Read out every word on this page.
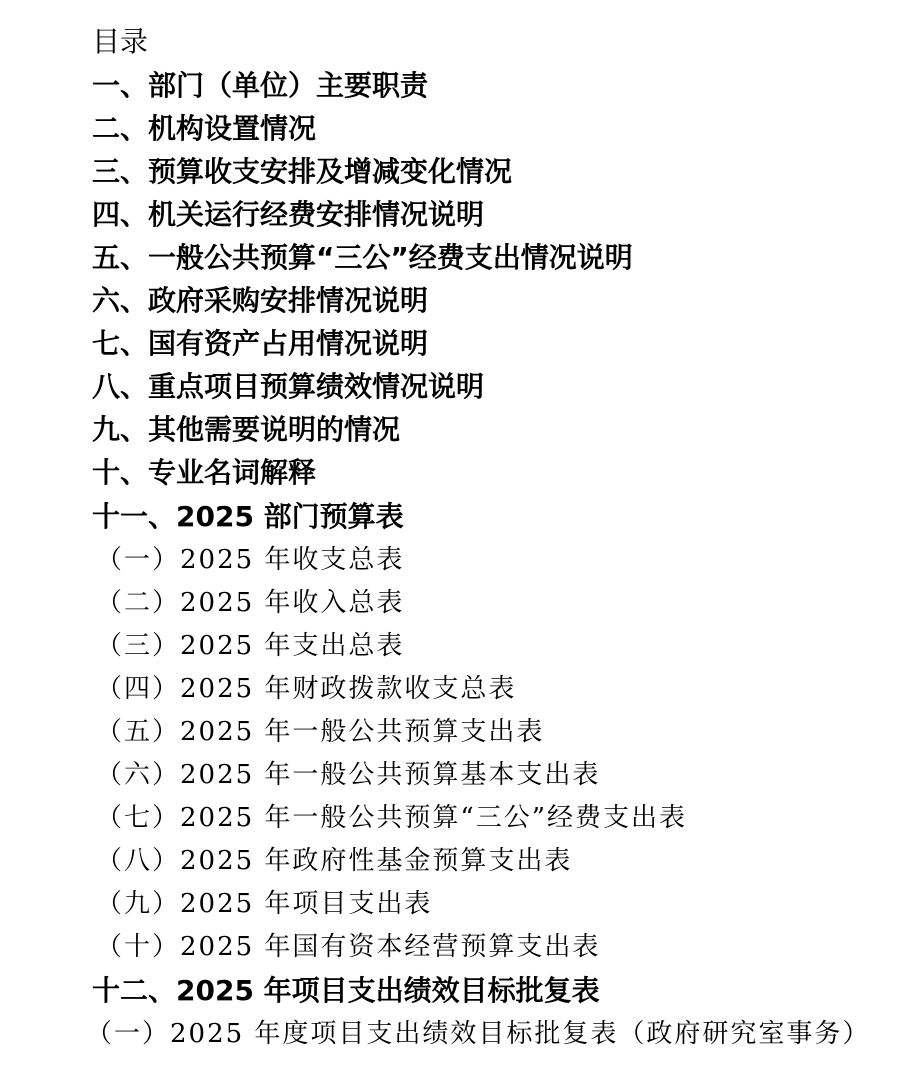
目录
一、部门（单位）主要职责
二、机构设置情况
三、预算收支安排及增减变化情况
四、机关运行经费安排情况说明
五、一般公共预算“三公”经费支出情况说明
六、政府采购安排情况说明
七、国有资产占用情况说明
八、重点项目预算绩效情况说明
九、其他需要说明的情况
十、专业名词解释
十一、2025 部门预算表
（一）2025 年收支总表
（二）2025 年收入总表
（三）2025 年支出总表
（四）2025 年财政拨款收支总表
（五）2025 年一般公共预算支出表
（六）2025 年一般公共预算基本支出表
（七）2025 年一般公共预算“三公”经费支出表
（八）2025 年政府性基金预算支出表
（九）2025 年项目支出表
（十）2025 年国有资本经营预算支出表
十二、2025 年项目支出绩效目标批复表
（一）2025 年度项目支出绩效目标批复表（政府研究室事务）
